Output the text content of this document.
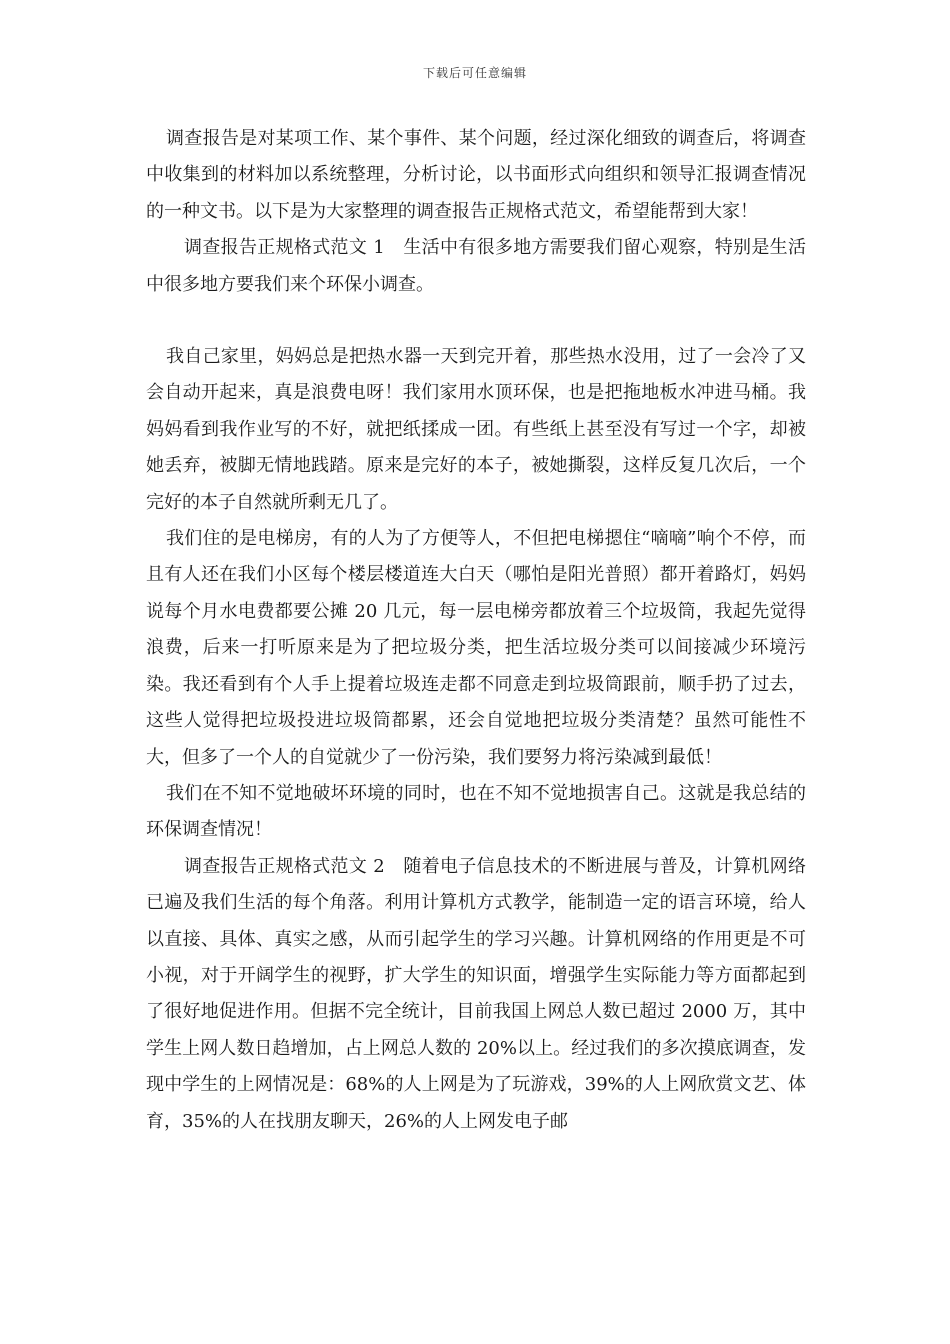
下载后可任意编辑

调查报告是对某项工作、某个事件、某个问题，经过深化细致的调查后，将调查中收集到的材料加以系统整理，分析讨论，以书面形式向组织和领导汇报调查情况的一种文书。以下是为大家整理的调查报告正规格式范文，希望能帮到大家！

调查报告正规格式范文 1　生活中有很多地方需要我们留心观察，特别是生活中很多地方要我们来个环保小调查。

我自己家里，妈妈总是把热水器一天到完开着，那些热水没用，过了一会冷了又会自动开起来，真是浪费电呀！我们家用水顶环保，也是把拖地板水冲进马桶。我妈妈看到我作业写的不好，就把纸揉成一团。有些纸上甚至没有写过一个字，却被她丢弃，被脚无情地践踏。原来是完好的本子，被她撕裂，这样反复几次后，一个完好的本子自然就所剩无几了。

我们住的是电梯房，有的人为了方便等人，不但把电梯摁住“嘀嘀”响个不停，而且有人还在我们小区每个楼层楼道连大白天（哪怕是阳光普照）都开着路灯，妈妈说每个月水电费都要公摊 20 几元，每一层电梯旁都放着三个垃圾筒，我起先觉得浪费，后来一打听原来是为了把垃圾分类，把生活垃圾分类可以间接减少环境污染。我还看到有个人手上提着垃圾连走都不同意走到垃圾筒跟前，顺手扔了过去，这些人觉得把垃圾投进垃圾筒都累，还会自觉地把垃圾分类清楚？虽然可能性不大，但多了一个人的自觉就少了一份污染，我们要努力将污染减到最低！

我们在不知不觉地破坏环境的同时，也在不知不觉地损害自己。这就是我总结的环保调查情况！

调查报告正规格式范文 2　随着电子信息技术的不断进展与普及，计算机网络已遍及我们生活的每个角落。利用计算机方式教学，能制造一定的语言环境，给人以直接、具体、真实之感，从而引起学生的学习兴趣。计算机网络的作用更是不可小视，对于开阔学生的视野，扩大学生的知识面，增强学生实际能力等方面都起到了很好地促进作用。但据不完全统计，目前我国上网总人数已超过 2000 万，其中学生上网人数日趋增加，占上网总人数的 20%以上。经过我们的多次摸底调查，发现中学生的上网情况是：68%的人上网是为了玩游戏，39%的人上网欣赏文艺、体育，35%的人在找朋友聊天，26%的人上网发电子邮
